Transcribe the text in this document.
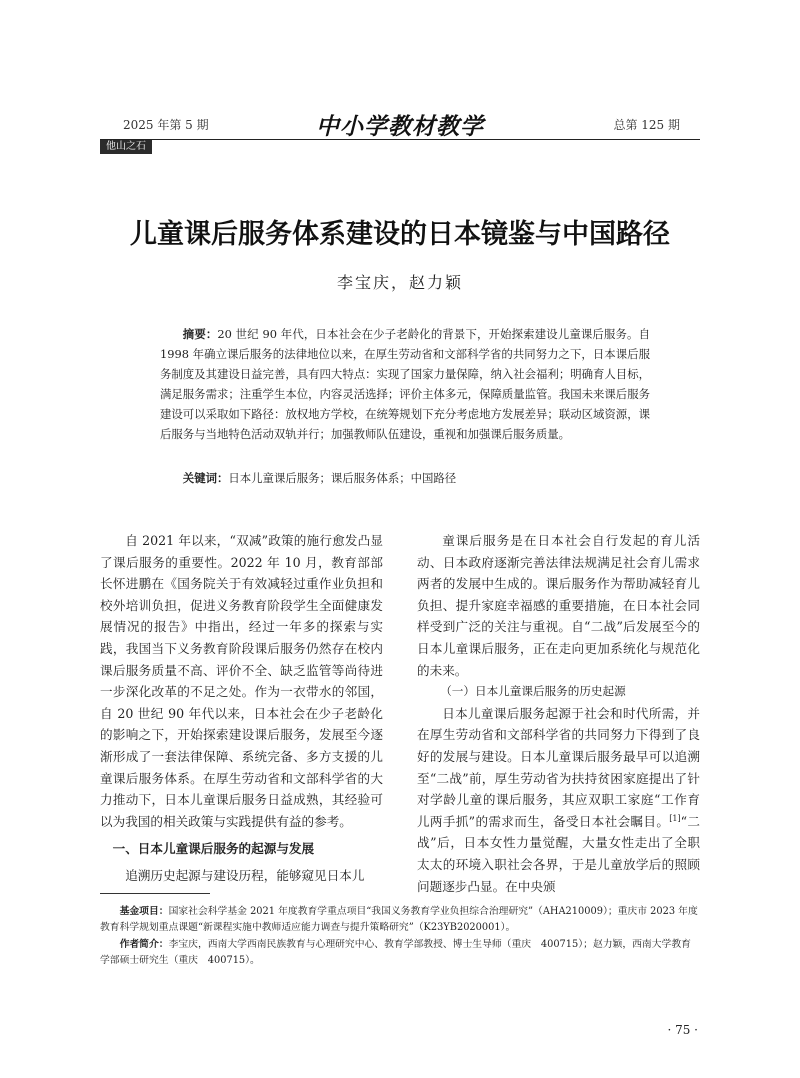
2025 年第 5 期	中小学教材教学	总第 125 期
他山之石
儿童课后服务体系建设的日本镜鉴与中国路径
李宝庆，赵力颖
摘要：20 世纪 90 年代，日本社会在少子老龄化的背景下，开始探索建设儿童课后服务。自 1998 年确立课后服务的法律地位以来，在厚生劳动省和文部科学省的共同努力之下，日本课后服务制度及其建设日益完善，具有四大特点：实现了国家力量保障，纳入社会福利；明确育人目标，满足服务需求；注重学生本位，内容灵活选择；评价主体多元，保障质量监管。我国未来课后服务建设可以采取如下路径：放权地方学校，在统筹规划下充分考虑地方发展差异；联动区域资源，课后服务与当地特色活动双轨并行；加强教师队伍建设，重视和加强课后服务质量。
关键词：日本儿童课后服务；课后服务体系；中国路径

自 2021 年以来，“双减”政策的施行愈发凸显了课后服务的重要性。2022 年 10 月，教育部部长怀进鹏在《国务院关于有效减轻过重作业负担和校外培训负担，促进义务教育阶段学生全面健康发展情况的报告》中指出，经过一年多的探索与实践，我国当下义务教育阶段课后服务仍然存在校内课后服务质量不高、评价不全、缺乏监管等尚待进一步深化改革的不足之处。作为一衣带水的邻国，自 20 世纪 90 年代以来，日本社会在少子老龄化的影响之下，开始探索建设课后服务，发展至今逐渐形成了一套法律保障、系统完备、多方支援的儿童课后服务体系。在厚生劳动省和文部科学省的大力推动下，日本儿童课后服务日益成熟，其经验可以为我国的相关政策与实践提供有益的参考。

一、日本儿童课后服务的起源与发展

追溯历史起源与建设历程，能够窥见日本儿

童课后服务是在日本社会自行发起的育儿活动、日本政府逐渐完善法律法规满足社会育儿需求两者的发展中生成的。课后服务作为帮助减轻育儿负担、提升家庭幸福感的重要措施，在日本社会同样受到广泛的关注与重视。自“二战”后发展至今的日本儿童课后服务，正在走向更加系统化与规范化的未来。

（一）日本儿童课后服务的历史起源

日本儿童课后服务起源于社会和时代所需，并在厚生劳动省和文部科学省的共同努力下得到了良好的发展与建设。日本儿童课后服务最早可以追溯至“二战”前，厚生劳动省为扶持贫困家庭提出了针对学龄儿童的课后服务，其应双职工家庭“工作育儿两手抓”的需求而生，备受日本社会瞩目。[1]“二战”后，日本女性力量觉醒，大量女性走出了全职太太的环境入职社会各界，于是儿童放学后的照顾问题逐步凸显。在中央颁

基金项目：国家社会科学基金 2021 年度教育学重点项目“我国义务教育学业负担综合治理研究”（AHA210009）；重庆市 2023 年度教育科学规划重点课题“新课程实施中教师适应能力调查与提升策略研究”（K23YB2020001）。
作者简介：李宝庆，西南大学西南民族教育与心理研究中心、教育学部教授、博士生导师（重庆　400715）；赵力颖，西南大学教育学部硕士研究生（重庆　400715）。
· 75 ·
